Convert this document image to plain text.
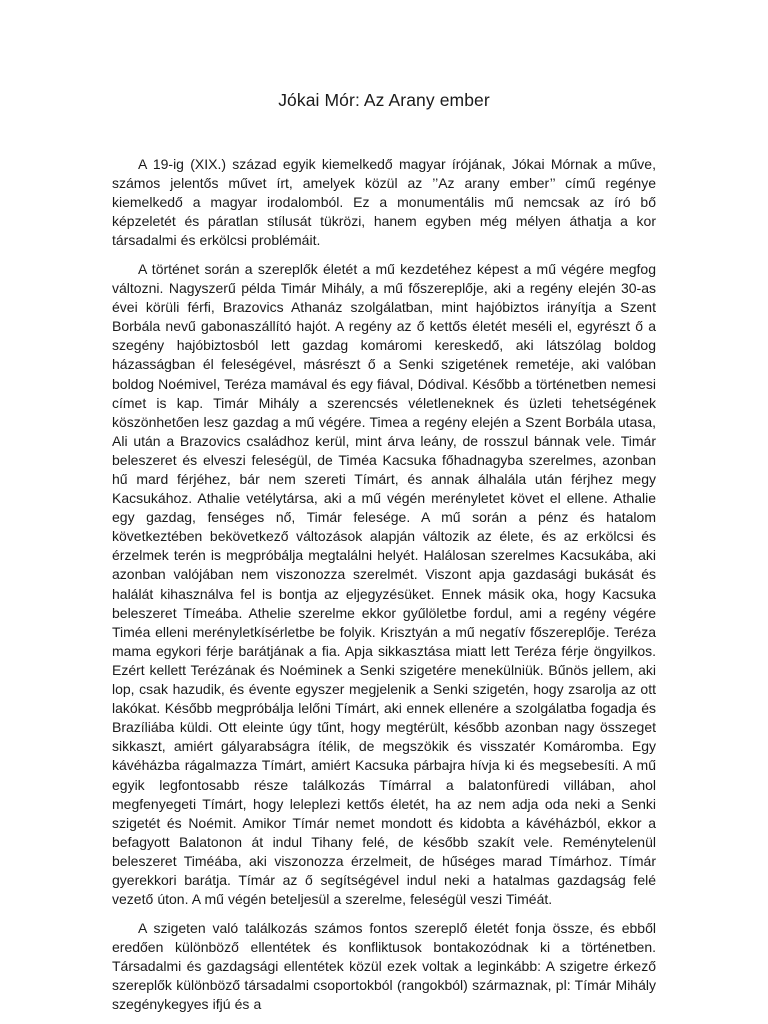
Jókai Mór: Az Arany ember

A 19-ig (XIX.) század egyik kiemelkedő magyar írójának, Jókai Mórnak a műve, számos jelentős művet írt, amelyek közül az ’’Az arany ember’’ című regénye kiemelkedő a magyar irodalomból. Ez a monumentális mű nemcsak az író bő képzeletét és páratlan stílusát tükrözi, hanem egyben még mélyen áthatja a kor társadalmi és erkölcsi problémáit.

A történet során a szereplők életét a mű kezdetéhez képest a mű végére megfog változni. Nagyszerű példa Timár Mihály, a mű főszereplője, aki a regény elején 30-as évei körüli férfi, Brazovics Athanáz szolgálatban, mint hajóbiztos irányítja a Szent Borbála nevű gabonaszállító hajót. A regény az ő kettős életét meséli el, egyrészt ő a szegény hajóbiztosból lett gazdag komáromi kereskedő, aki látszólag boldog házasságban él feleségével, másrészt ő a Senki szigetének remetéje, aki valóban boldog Noémivel, Teréza mamával és egy fiával, Dódival. Később a történetben nemesi címet is kap. Timár Mihály a szerencsés véletleneknek és üzleti tehetségének köszönhetően lesz gazdag a mű végére. Timea a regény elején a Szent Borbála utasa, Ali után a Brazovics családhoz kerül, mint árva leány, de rosszul bánnak vele. Timár beleszeret és elveszi feleségül, de Timéa Kacsuka főhadnagyba szerelmes, azonban hű mard férjéhez, bár nem szereti Tímárt, és annak álhalála után férjhez megy Kacsukához. Athalie vetélytársa, aki a mű végén merényletet követ el ellene. Athalie egy gazdag, fenséges nő, Timár felesége. A mű során a pénz és hatalom következtében bekövetkező változások alapján változik az élete, és az erkölcsi és érzelmek terén is megpróbálja megtalálni helyét. Halálosan szerelmes Kacsukába, aki azonban valójában nem viszonozza szerelmét. Viszont apja gazdasági bukását és halálát kihasználva fel is bontja az eljegyzésüket. Ennek másik oka, hogy Kacsuka beleszeret Tímeába. Athelie szerelme ekkor gyűlöletbe fordul, ami a regény végére Timéa elleni merényletkísérletbe be folyik. Krisztyán a mű negatív főszereplője. Teréza mama egykori férje barátjának a fia. Apja sikkasztása miatt lett Teréza férje öngyilkos. Ezért kellett Terézának és Noéminek a Senki szigetére menekülniük. Bűnös jellem, aki lop, csak hazudik, és évente egyszer megjelenik a Senki szigetén, hogy zsarolja az ott lakókat. Később megpróbálja lelőni Tímárt, aki ennek ellenére a szolgálatba fogadja és Brazíliába küldi. Ott eleinte úgy tűnt, hogy megtérült, később azonban nagy összeget sikkaszt, amiért gályarabságra ítélik, de megszökik és visszatér Komáromba. Egy kávéházba rágalmazza Tímárt, amiért Kacsuka párbajra hívja ki és megsebesíti. A mű egyik legfontosabb része találkozás Tímárral a balatonfüredi villában, ahol megfenyegeti Tímárt, hogy leleplezi kettős életét, ha az nem adja oda neki a Senki szigetét és Noémit. Amikor Tímár nemet mondott és kidobta a kávéházból, ekkor a befagyott Balatonon át indul Tihany felé, de később szakít vele. Reménytelenül beleszeret Timéába, aki viszonozza érzelmeit, de hűséges marad Tímárhoz. Tímár gyerekkori barátja. Tímár az ő segítségével indul neki a hatalmas gazdagság felé vezető úton. A mű végén beteljesül a szerelme, feleségül veszi Timéát.

A szigeten való találkozás számos fontos szereplő életét fonja össze, és ebből eredően különböző ellentétek és konfliktusok bontakozódnak ki a történetben. Társadalmi és gazdagsági ellentétek közül ezek voltak a leginkább: A szigetre érkező szereplők különböző társadalmi csoportokból (rangokból) származnak, pl: Tímár Mihály szegénykegyes ifjú és a
